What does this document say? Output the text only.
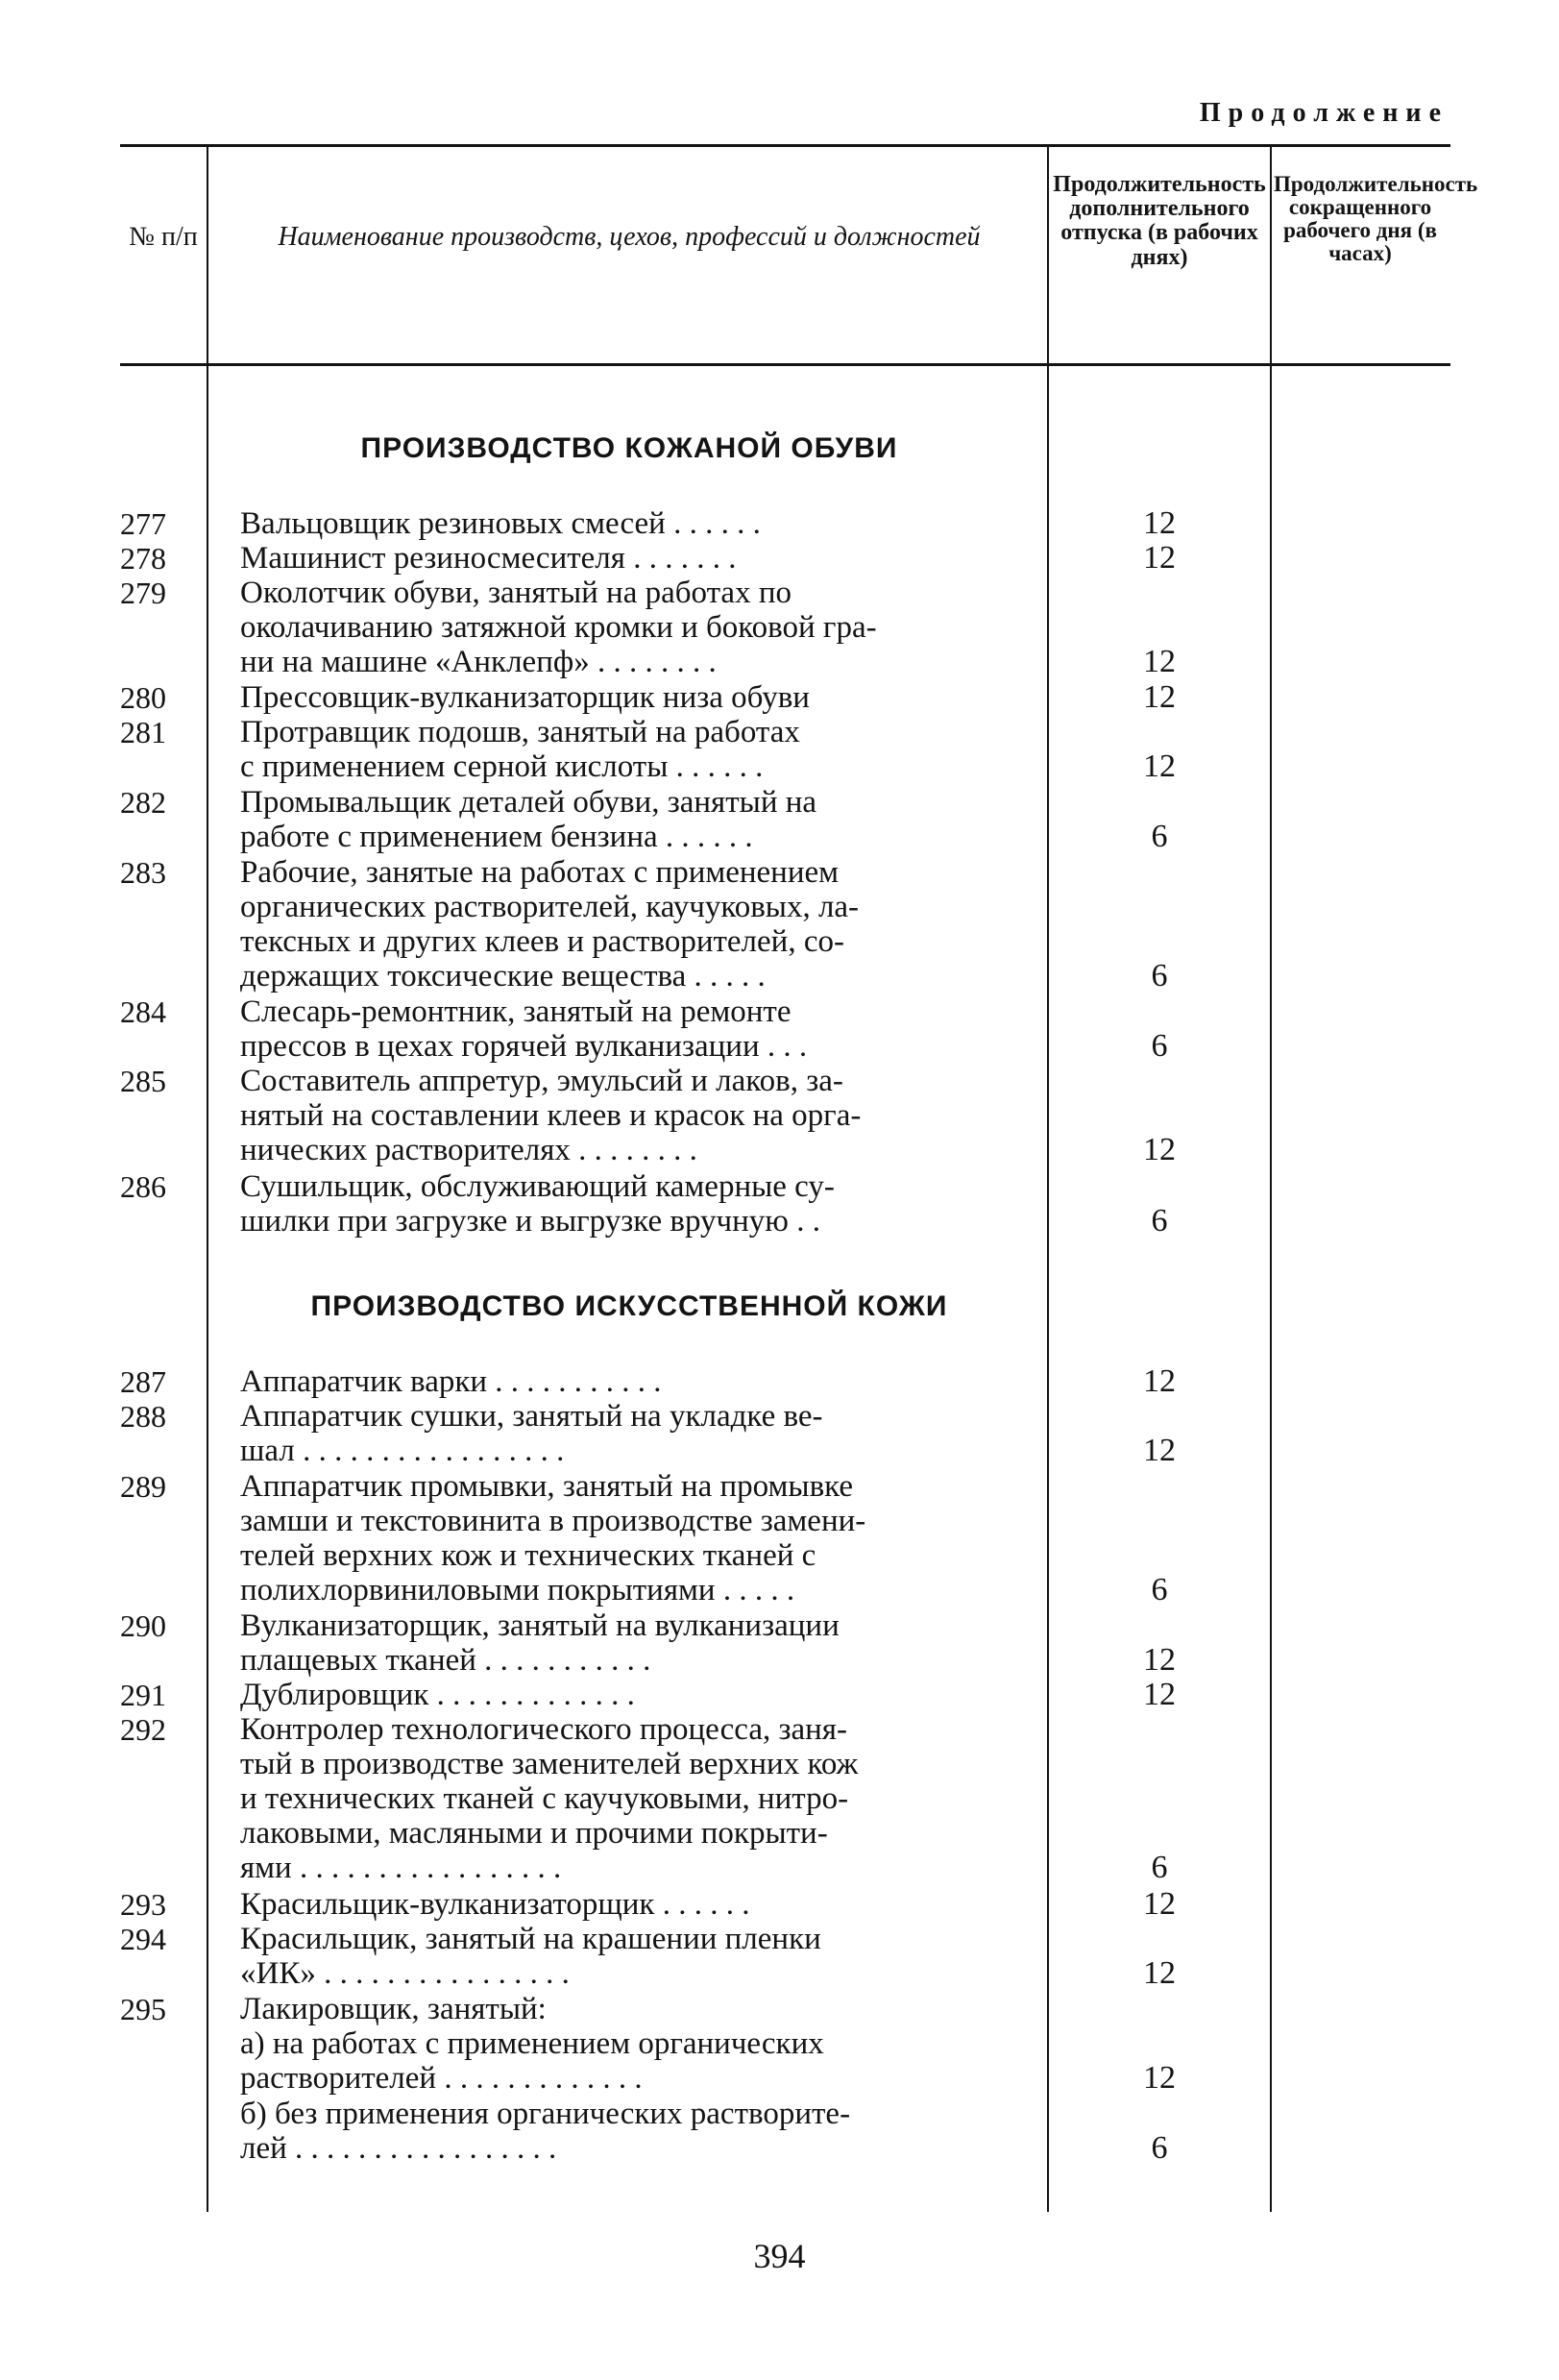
Продолжение
№ п/п	Наименование производств, цехов, профессий и должностей
Продолжительность дополнительного отпуска (в рабочих днях)
Продолжительность сокращенного рабочего дня (в часах)
ПРОИЗВОДСТВО КОЖАНОЙ ОБУВИ
ПРОИЗВОДСТВО ИСКУССТВЕННОЙ КОЖИ
277	Вальцовщик резиновых смесей . . . . . .	12
278	Машинист резиносмесителя . . . . . . .	12
279	Околотчик обуви, занятый на работах по
околачиванию затяжной кромки и боковой гра-
ни на машине «Анклепф» . . . . . . . .	12
280	Прессовщик-вулканизаторщик низа обуви	12
281	Протравщик подошв, занятый на работах
с применением серной кислоты . . . . . .	12
282	Промывальщик деталей обуви, занятый на
работе с применением бензина . . . . . .	6
283	Рабочие, занятые на работах с применением
органических растворителей, каучуковых, ла-
тексных и других клеев и растворителей, со-
держащих токсические вещества . . . . .	6
284	Слесарь-ремонтник, занятый на ремонте
прессов в цехах горячей вулканизации . . .	6
285	Составитель аппретур, эмульсий и лаков, за-
нятый на составлении клеев и красок на орга-
нических растворителях . . . . . . . .	12
286	Сушильщик, обслуживающий камерные су-
шилки при загрузке и выгрузке вручную . .	6
287	Аппаратчик варки . . . . . . . . . . .	12
288	Аппаратчик сушки, занятый на укладке ве-
шал . . . . . . . . . . . . . . . . .	12
289	Аппаратчик промывки, занятый на промывке
замши и текстовинита в производстве замени-
телей верхних кож и технических тканей с
полихлорвиниловыми покрытиями . . . . .	6
290	Вулканизаторщик, занятый на вулканизации
плащевых тканей . . . . . . . . . . .	12
291	Дублировщик . . . . . . . . . . . . .	12
292	Контролер технологического процесса, заня-
тый в производстве заменителей верхних кож
и технических тканей с каучуковыми, нитро-
лаковыми, масляными и прочими покрыти-
ями . . . . . . . . . . . . . . . . .	6
293	Красильщик-вулканизаторщик . . . . . .	12
294	Красильщик, занятый на крашении пленки
«ИК» . . . . . . . . . . . . . . . .	12
295	Лакировщик, занятый:
а) на работах с применением органических
растворителей . . . . . . . . . . . . .	12
б) без применения органических растворите-
лей . . . . . . . . . . . . . . . . .	6
394
